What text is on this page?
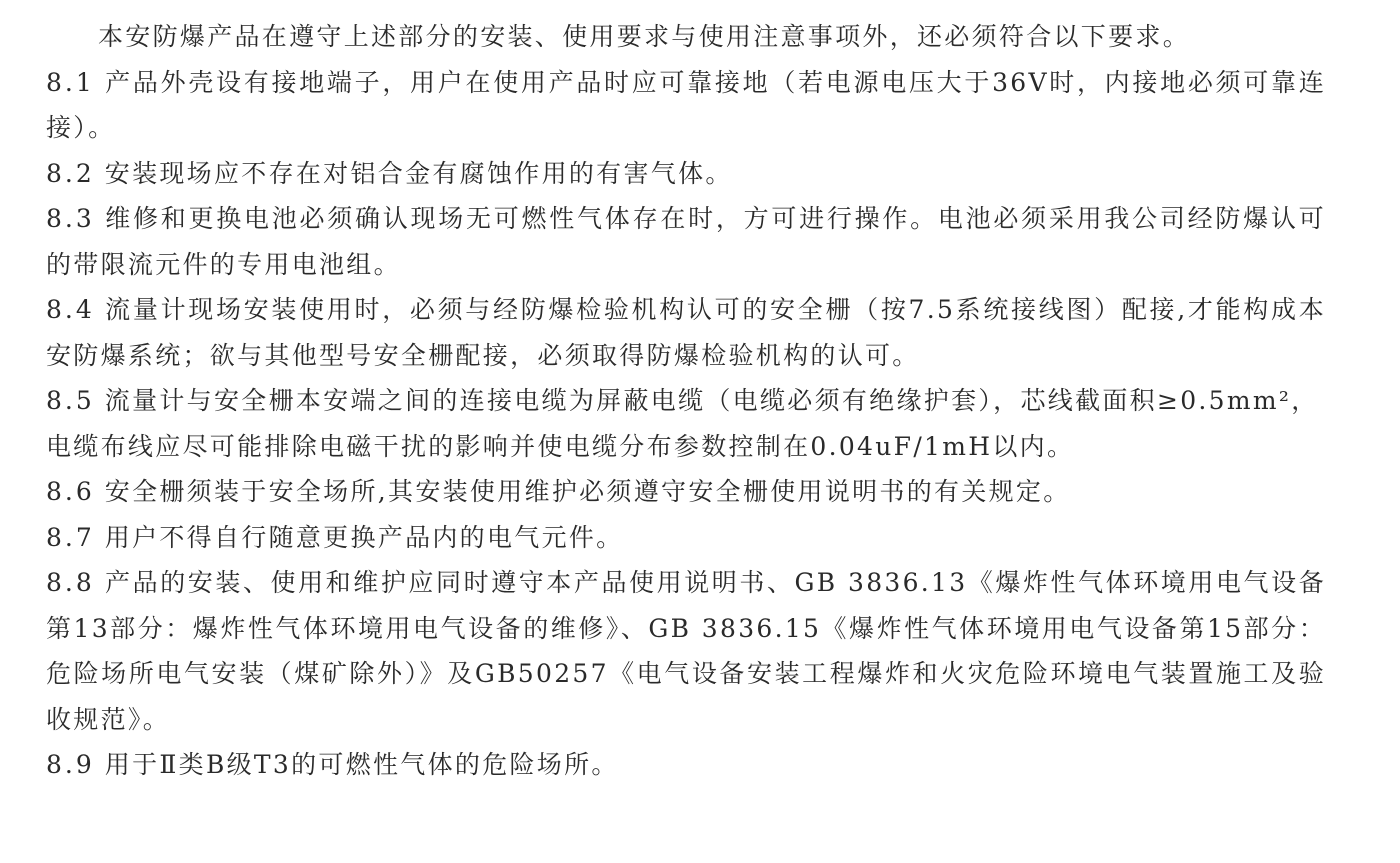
本安防爆产品在遵守上述部分的安装、使用要求与使用注意事项外，还必须符合以下要求。

8.1 产品外壳设有接地端子，用户在使用产品时应可靠接地（若电源电压大于36V时，内接地必须可靠连接）。

8.2 安装现场应不存在对铝合金有腐蚀作用的有害气体。

8.3 维修和更换电池必须确认现场无可燃性气体存在时，方可进行操作。电池必须采用我公司经防爆认可的带限流元件的专用电池组。

8.4 流量计现场安装使用时，必须与经防爆检验机构认可的安全栅（按7.5系统接线图）配接,才能构成本安防爆系统；欲与其他型号安全栅配接，必须取得防爆检验机构的认可。

8.5 流量计与安全栅本安端之间的连接电缆为屏蔽电缆（电缆必须有绝缘护套），芯线截面积≥0.5mm²，

电缆布线应尽可能排除电磁干扰的影响并使电缆分布参数控制在0.04uF/1mH以内。

8.6 安全栅须装于安全场所,其安装使用维护必须遵守安全栅使用说明书的有关规定。

8.7 用户不得自行随意更换产品内的电气元件。

8.8 产品的安装、使用和维护应同时遵守本产品使用说明书、GB 3836.13《爆炸性气体环境用电气设备第13部分：爆炸性气体环境用电气设备的维修》、GB 3836.15《爆炸性气体环境用电气设备第15部分：危险场所电气安装（煤矿除外）》及GB50257《电气设备安装工程爆炸和火灾危险环境电气装置施工及验收规范》。

8.9 用于Ⅱ类B级T3的可燃性气体的危险场所。
